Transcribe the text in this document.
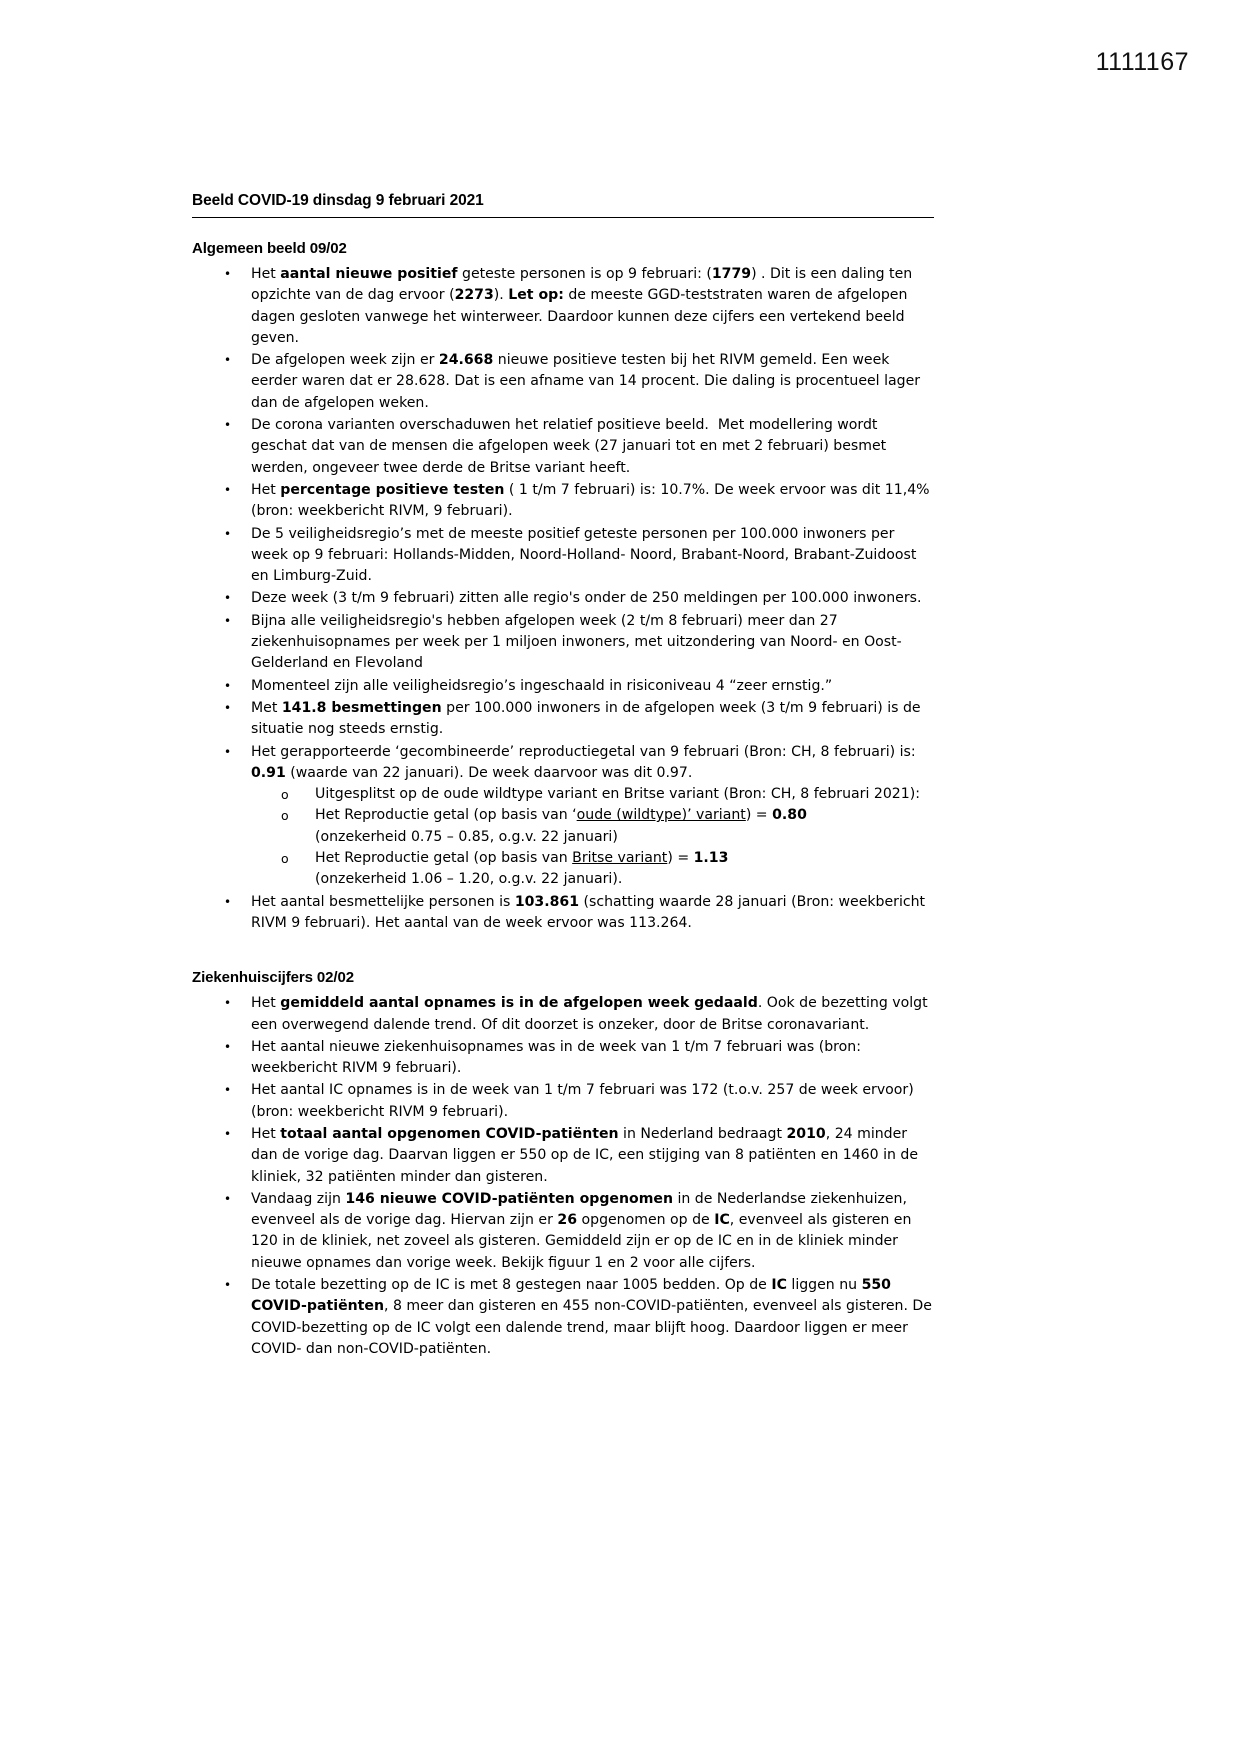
1111167
Beeld COVID-19 dinsdag 9 februari 2021
Algemeen beeld 09/02
• Het aantal nieuwe positief geteste personen is op 9 februari: (1779) . Dit is een daling ten opzichte van de dag ervoor (2273). Let op: de meeste GGD-teststraten waren de afgelopen dagen gesloten vanwege het winterweer. Daardoor kunnen deze cijfers een vertekend beeld geven.
• De afgelopen week zijn er 24.668 nieuwe positieve testen bij het RIVM gemeld. Een week eerder waren dat er 28.628. Dat is een afname van 14 procent. Die daling is procentueel lager dan de afgelopen weken.
• De corona varianten overschaduwen het relatief positieve beeld.  Met modellering wordt geschat dat van de mensen die afgelopen week (27 januari tot en met 2 februari) besmet werden, ongeveer twee derde de Britse variant heeft.
• Het percentage positieve testen ( 1 t/m 7 februari) is: 10.7%. De week ervoor was dit 11,4% (bron: weekbericht RIVM, 9 februari).
• De 5 veiligheidsregio’s met de meeste positief geteste personen per 100.000 inwoners per week op 9 februari: Hollands-Midden, Noord-Holland- Noord, Brabant-Noord, Brabant-Zuidoost en Limburg-Zuid.
• Deze week (3 t/m 9 februari) zitten alle regio's onder de 250 meldingen per 100.000 inwoners.
• Bijna alle veiligheidsregio's hebben afgelopen week (2 t/m 8 februari) meer dan 27 ziekenhuisopnames per week per 1 miljoen inwoners, met uitzondering van Noord- en Oost-Gelderland en Flevoland
• Momenteel zijn alle veiligheidsregio’s ingeschaald in risiconiveau 4 “zeer ernstig.”
• Met 141.8 besmettingen per 100.000 inwoners in de afgelopen week (3 t/m 9 februari) is de situatie nog steeds ernstig.
• Het gerapporteerde ‘gecombineerde’ reproductiegetal van 9 februari (Bron: CH, 8 februari) is: 0.91 (waarde van 22 januari). De week daarvoor was dit 0.97.
o Uitgesplitst op de oude wildtype variant en Britse variant (Bron: CH, 8 februari 2021):
o Het Reproductie getal (op basis van ‘oude (wildtype)’ variant) = 0.80
(onzekerheid 0.75 – 0.85, o.g.v. 22 januari)
o Het Reproductie getal (op basis van Britse variant) = 1.13
(onzekerheid 1.06 – 1.20, o.g.v. 22 januari).
• Het aantal besmettelijke personen is 103.861 (schatting waarde 28 januari (Bron: weekbericht RIVM 9 februari). Het aantal van de week ervoor was 113.264.
Ziekenhuiscijfers 02/02
• Het gemiddeld aantal opnames is in de afgelopen week gedaald. Ook de bezetting volgt een overwegend dalende trend. Of dit doorzet is onzeker, door de Britse coronavariant.
• Het aantal nieuwe ziekenhuisopnames was in de week van 1 t/m 7 februari was (bron: weekbericht RIVM 9 februari).
• Het aantal IC opnames is in de week van 1 t/m 7 februari was 172 (t.o.v. 257 de week ervoor) (bron: weekbericht RIVM 9 februari).
• Het totaal aantal opgenomen COVID-patiënten in Nederland bedraagt 2010, 24 minder dan de vorige dag. Daarvan liggen er 550 op de IC, een stijging van 8 patiënten en 1460 in de kliniek, 32 patiënten minder dan gisteren.
• Vandaag zijn 146 nieuwe COVID-patiënten opgenomen in de Nederlandse ziekenhuizen, evenveel als de vorige dag. Hiervan zijn er 26 opgenomen op de IC, evenveel als gisteren en 120 in de kliniek, net zoveel als gisteren. Gemiddeld zijn er op de IC en in de kliniek minder nieuwe opnames dan vorige week. Bekijk figuur 1 en 2 voor alle cijfers.
• De totale bezetting op de IC is met 8 gestegen naar 1005 bedden. Op de IC liggen nu 550 COVID-patiënten, 8 meer dan gisteren en 455 non-COVID-patiënten, evenveel als gisteren. De COVID-bezetting op de IC volgt een dalende trend, maar blijft hoog. Daardoor liggen er meer COVID- dan non-COVID-patiënten.
